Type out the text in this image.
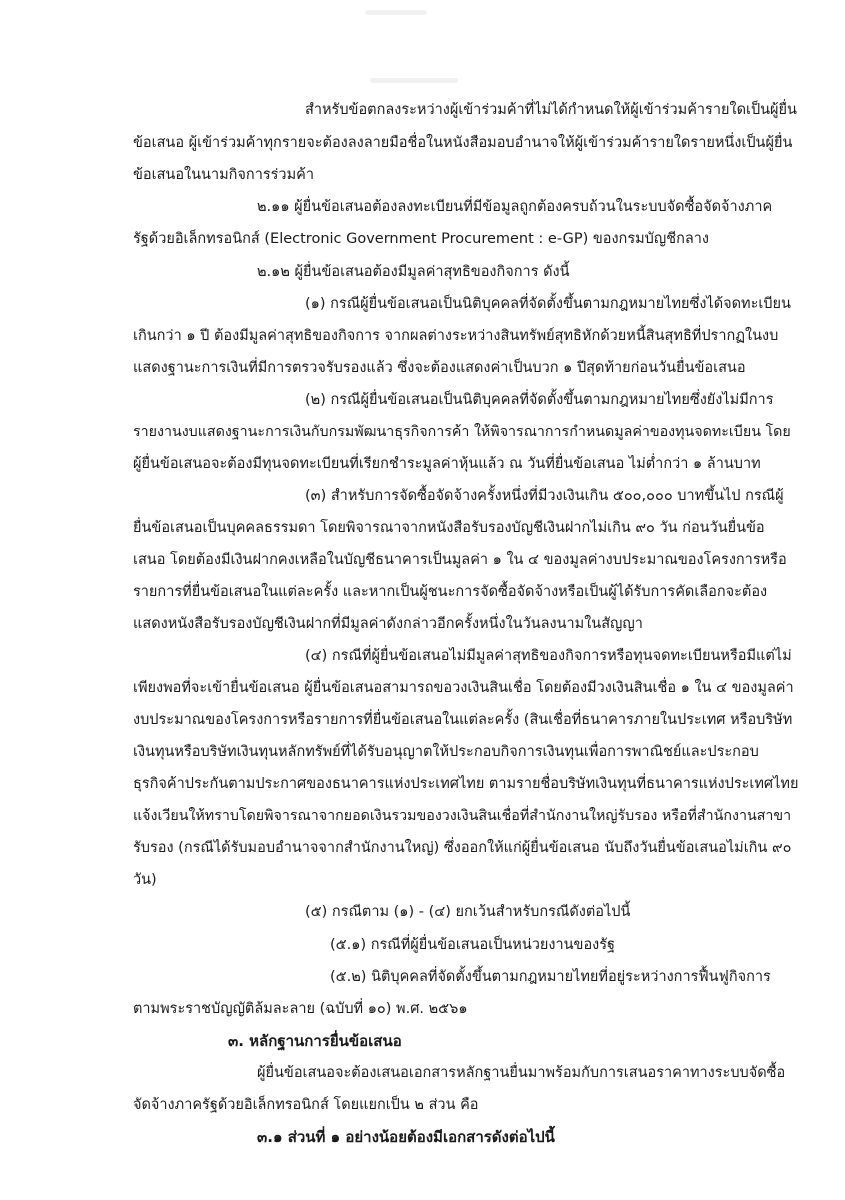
สำหรับข้อตกลงระหว่างผู้เข้าร่วมค้าที่ไม่ได้กำหนดให้ผู้เข้าร่วมค้ารายใดเป็นผู้ยื่น
ข้อเสนอ ผู้เข้าร่วมค้าทุกรายจะต้องลงลายมือชื่อในหนังสือมอบอำนาจให้ผู้เข้าร่วมค้ารายใดรายหนึ่งเป็นผู้ยื่น
ข้อเสนอในนามกิจการร่วมค้า
๒.๑๑ ผู้ยื่นข้อเสนอต้องลงทะเบียนที่มีข้อมูลถูกต้องครบถ้วนในระบบจัดซื้อจัดจ้างภาค
รัฐด้วยอิเล็กทรอนิกส์ (Electronic Government Procurement : e-GP) ของกรมบัญชีกลาง
๒.๑๒ ผู้ยื่นข้อเสนอต้องมีมูลค่าสุทธิของกิจการ ดังนี้
(๑) กรณีผู้ยื่นข้อเสนอเป็นนิติบุคคลที่จัดตั้งขึ้นตามกฎหมายไทยซึ่งได้จดทะเบียน
เกินกว่า ๑ ปี ต้องมีมูลค่าสุทธิของกิจการ จากผลต่างระหว่างสินทรัพย์สุทธิหักด้วยหนี้สินสุทธิที่ปรากฏในงบ
แสดงฐานะการเงินที่มีการตรวจรับรองแล้ว ซึ่งจะต้องแสดงค่าเป็นบวก ๑ ปีสุดท้ายก่อนวันยื่นข้อเสนอ
(๒) กรณีผู้ยื่นข้อเสนอเป็นนิติบุคคลที่จัดตั้งขึ้นตามกฎหมายไทยซึ่งยังไม่มีการ
รายงานงบแสดงฐานะการเงินกับกรมพัฒนาธุรกิจการค้า ให้พิจารณาการกำหนดมูลค่าของทุนจดทะเบียน โดย
ผู้ยื่นข้อเสนอจะต้องมีทุนจดทะเบียนที่เรียกชำระมูลค่าหุ้นแล้ว ณ วันที่ยื่นข้อเสนอ ไม่ต่ำกว่า ๑ ล้านบาท
(๓) สำหรับการจัดซื้อจัดจ้างครั้งหนึ่งที่มีวงเงินเกิน ๕๐๐,๐๐๐ บาทขึ้นไป กรณีผู้
ยื่นข้อเสนอเป็นบุคคลธรรมดา โดยพิจารณาจากหนังสือรับรองบัญชีเงินฝากไม่เกิน ๙๐ วัน ก่อนวันยื่นข้อ
เสนอ โดยต้องมีเงินฝากคงเหลือในบัญชีธนาคารเป็นมูลค่า ๑ ใน ๔ ของมูลค่างบประมาณของโครงการหรือ
รายการที่ยื่นข้อเสนอในแต่ละครั้ง และหากเป็นผู้ชนะการจัดซื้อจัดจ้างหรือเป็นผู้ได้รับการคัดเลือกจะต้อง
แสดงหนังสือรับรองบัญชีเงินฝากที่มีมูลค่าดังกล่าวอีกครั้งหนึ่งในวันลงนามในสัญญา
(๔) กรณีที่ผู้ยื่นข้อเสนอไม่มีมูลค่าสุทธิของกิจการหรือทุนจดทะเบียนหรือมีแต่ไม่
เพียงพอที่จะเข้ายื่นข้อเสนอ ผู้ยื่นข้อเสนอสามารถขอวงเงินสินเชื่อ โดยต้องมีวงเงินสินเชื่อ ๑ ใน ๔ ของมูลค่า
งบประมาณของโครงการหรือรายการที่ยื่นข้อเสนอในแต่ละครั้ง (สินเชื่อที่ธนาคารภายในประเทศ หรือบริษัท
เงินทุนหรือบริษัทเงินทุนหลักทรัพย์ที่ได้รับอนุญาตให้ประกอบกิจการเงินทุนเพื่อการพาณิชย์และประกอบ
ธุรกิจค้าประกันตามประกาศของธนาคารแห่งประเทศไทย ตามรายชื่อบริษัทเงินทุนที่ธนาคารแห่งประเทศไทย
แจ้งเวียนให้ทราบโดยพิจารณาจากยอดเงินรวมของวงเงินสินเชื่อที่สำนักงานใหญ่รับรอง หรือที่สำนักงานสาขา
รับรอง (กรณีได้รับมอบอำนาจจากสำนักงานใหญ่) ซึ่งออกให้แก่ผู้ยื่นข้อเสนอ นับถึงวันยื่นข้อเสนอไม่เกิน ๙๐
วัน)
(๕) กรณีตาม (๑) - (๔) ยกเว้นสำหรับกรณีดังต่อไปนี้
(๕.๑) กรณีที่ผู้ยื่นข้อเสนอเป็นหน่วยงานของรัฐ
(๕.๒) นิติบุคคลที่จัดตั้งขึ้นตามกฎหมายไทยที่อยู่ระหว่างการฟื้นฟูกิจการ
ตามพระราชบัญญัติล้มละลาย (ฉบับที่ ๑๐) พ.ศ. ๒๕๖๑
๓. หลักฐานการยื่นข้อเสนอ
ผู้ยื่นข้อเสนอจะต้องเสนอเอกสารหลักฐานยื่นมาพร้อมกับการเสนอราคาทางระบบจัดซื้อ
จัดจ้างภาครัฐด้วยอิเล็กทรอนิกส์ โดยแยกเป็น ๒ ส่วน คือ
๓.๑ ส่วนที่ ๑ อย่างน้อยต้องมีเอกสารดังต่อไปนี้
